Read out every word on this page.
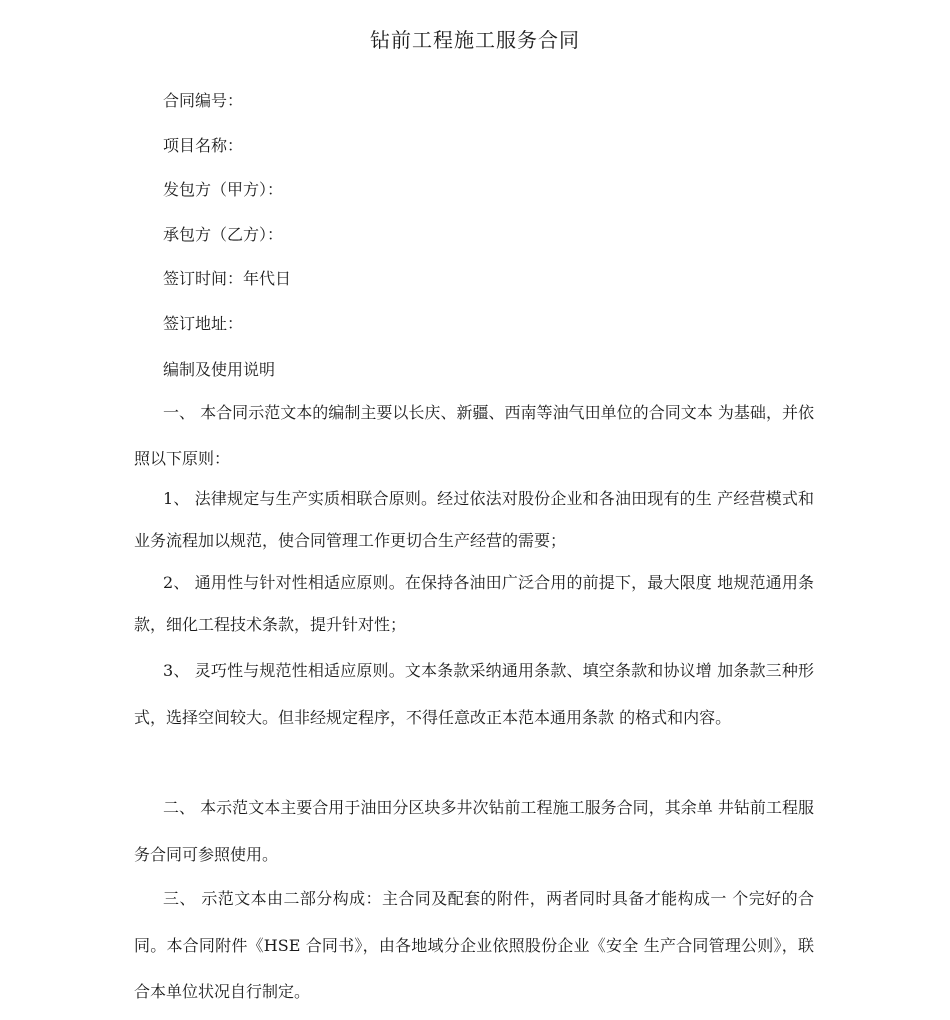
钻前工程施工服务合同
合同编号：
项目名称：
发包方（甲方）：
承包方（乙方）：
签订时间：年代日
签订地址：
编制及使用说明
一、 本合同示范文本的编制主要以长庆、新疆、西南等油气田单位的合同文本 为基础，并依照以下原则：
1、 法律规定与生产实质相联合原则。经过依法对股份企业和各油田现有的生 产经营模式和业务流程加以规范，使合同管理工作更切合生产经营的需要；
2、 通用性与针对性相适应原则。在保持各油田广泛合用的前提下，最大限度 地规范通用条款，细化工程技术条款，提升针对性；
3、 灵巧性与规范性相适应原则。文本条款采纳通用条款、填空条款和协议增 加条款三种形式，选择空间较大。但非经规定程序，不得任意改正本范本通用条款 的格式和内容。
二、 本示范文本主要合用于油田分区块多井次钻前工程施工服务合同，其余单 井钻前工程服务合同可参照使用。
三、 示范文本由二部分构成：主合同及配套的附件，两者同时具备才能构成一 个完好的合同。本合同附件《HSE 合同书》，由各地域分企业依照股份企业《安全 生产合同管理公则》，联合本单位状况自行制定。
